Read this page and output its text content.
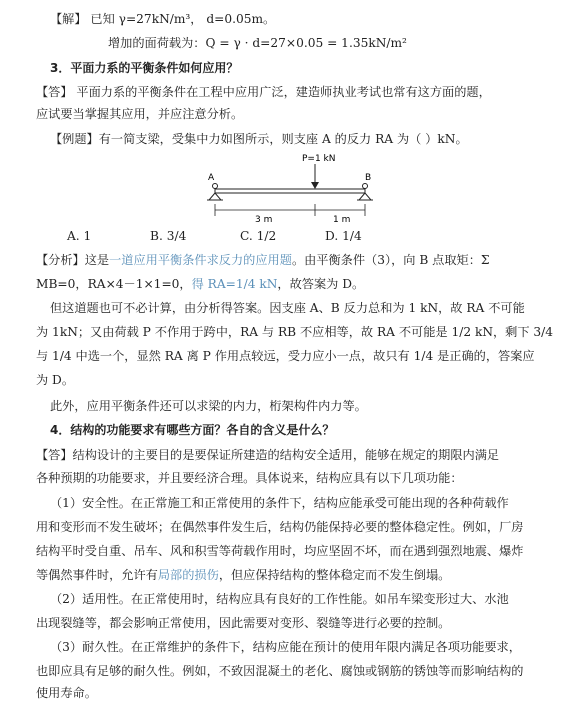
【解】 已知 γ=27kN/m³， d=0.05m。
增加的面荷载为：Q = γ · d=27×0.05 = 1.35kN/m²
3．平面力系的平衡条件如何应用？
【答】 平面力系的平衡条件在工程中应用广泛，建造师执业考试也常有这方面的题，
应试要当掌握其应用，并应注意分析。
【例题】有一简支梁，受集中力如图所示，则支座 A 的反力 RA 为（ ）kN。
P=1 kN
A	B
3 m	1 m
A. 1	B. 3/4	C. 1/2	D. 1/4
【分析】这是一道应用平衡条件求反力的应用题。由平衡条件（3），向 B 点取矩：Σ
MB=0，RA×4－1×1=0，得 RA=1/4 kN，故答案为 D。
但这道题也可不必计算，由分析得答案。因支座 A、B 反力总和为 1 kN，故 RA 不可能
为 1kN；又由荷载 P 不作用于跨中，RA 与 RB 不应相等，故 RA 不可能是 1/2 kN，剩下 3/4
与 1/4 中选一个，显然 RA 离 P 作用点较远，受力应小一点，故只有 1/4 是正确的，答案应
为 D。
此外，应用平衡条件还可以求梁的内力，桁架构件内力等。
4．结构的功能要求有哪些方面？各自的含义是什么？
【答】结构设计的主要目的是要保证所建造的结构安全适用，能够在规定的期限内满足
各种预期的功能要求，并且要经济合理。具体说来，结构应具有以下几项功能：
（1）安全性。在正常施工和正常使用的条件下，结构应能承受可能出现的各种荷载作
用和变形而不发生破坏；在偶然事件发生后，结构仍能保持必要的整体稳定性。例如，厂房
结构平时受自重、吊车、风和积雪等荷载作用时，均应坚固不坏，而在遇到强烈地震、爆炸
等偶然事件时，允许有局部的损伤，但应保持结构的整体稳定而不发生倒塌。
（2）适用性。在正常使用时，结构应具有良好的工作性能。如吊车梁变形过大、水池
出现裂缝等，都会影响正常使用，因此需要对变形、裂缝等进行必要的控制。
（3）耐久性。在正常维护的条件下，结构应能在预计的使用年限内满足各项功能要求，
也即应具有足够的耐久性。例如，不致因混凝土的老化、腐蚀或钢筋的锈蚀等而影响结构的
使用寿命。
